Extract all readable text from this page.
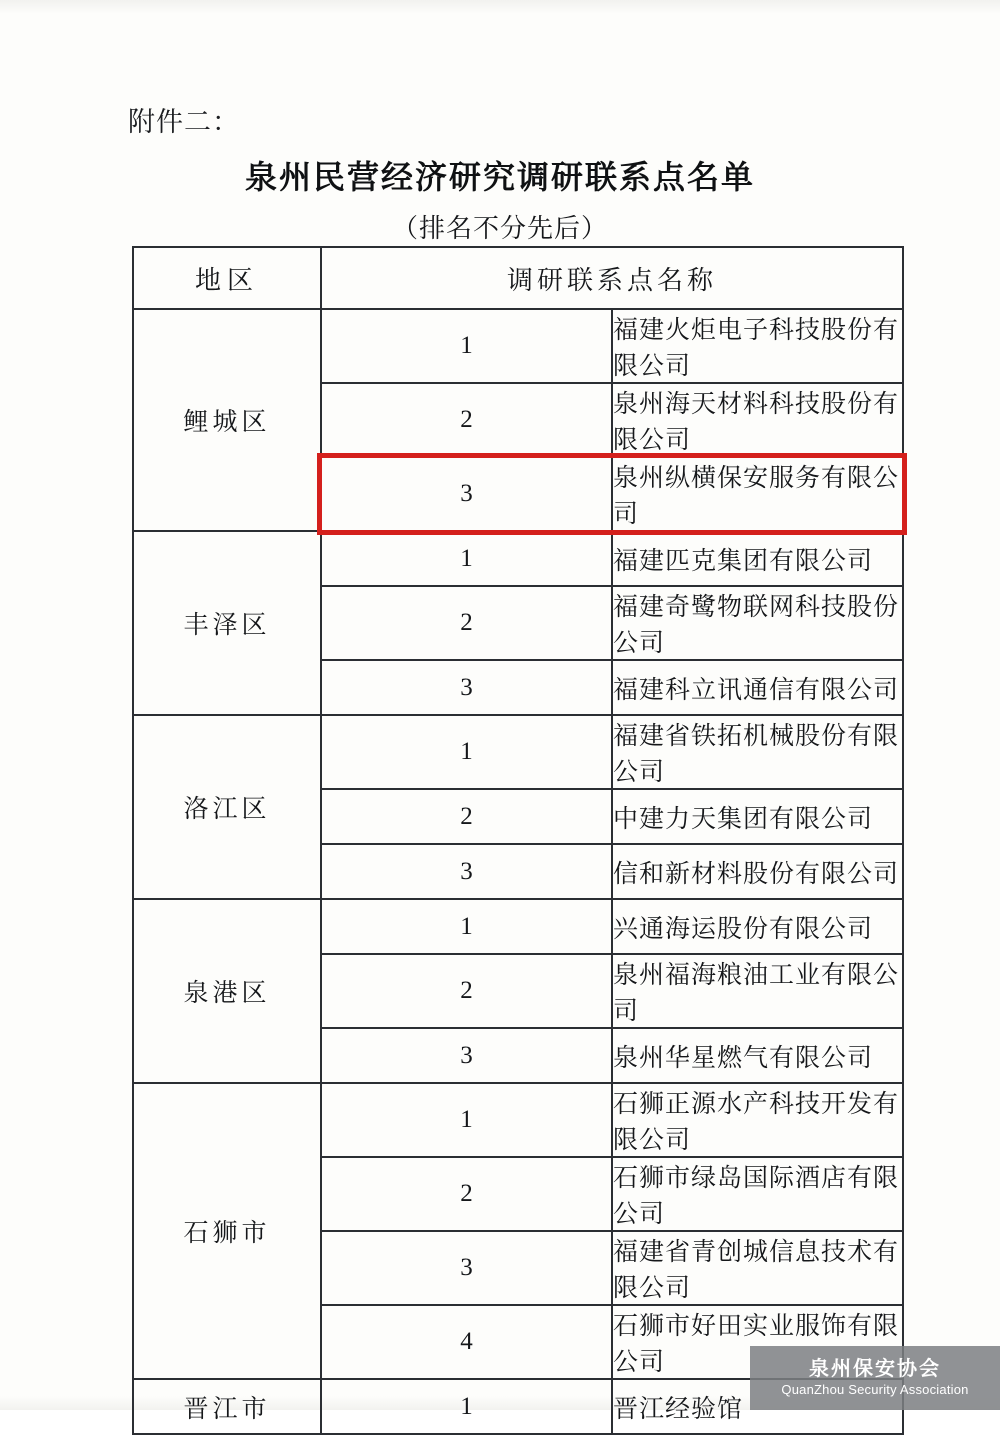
附件二：
泉州民营经济研究调研联系点名单
（排名不分先后）
地区	调研联系点名称	
鲤城区	1	福建火炬电子科技股份有限公司
	2	泉州海天材料科技股份有限公司
	3	泉州纵横保安服务有限公司
丰泽区	1	福建匹克集团有限公司
	2	福建奇鹭物联网科技股份公司
	3	福建科立讯通信有限公司
洛江区	1	福建省铁拓机械股份有限公司
	2	中建力天集团有限公司
	3	信和新材料股份有限公司
泉港区	1	兴通海运股份有限公司
	2	泉州福海粮油工业有限公司
	3	泉州华星燃气有限公司
石狮市	1	石狮正源水产科技开发有限公司
	2	石狮市绿岛国际酒店有限公司
	3	福建省青创城信息技术有限公司
	4	石狮市好田实业服饰有限公司
晋江市	1	晋江经验馆
泉州保安协会
QuanZhou Security Association
